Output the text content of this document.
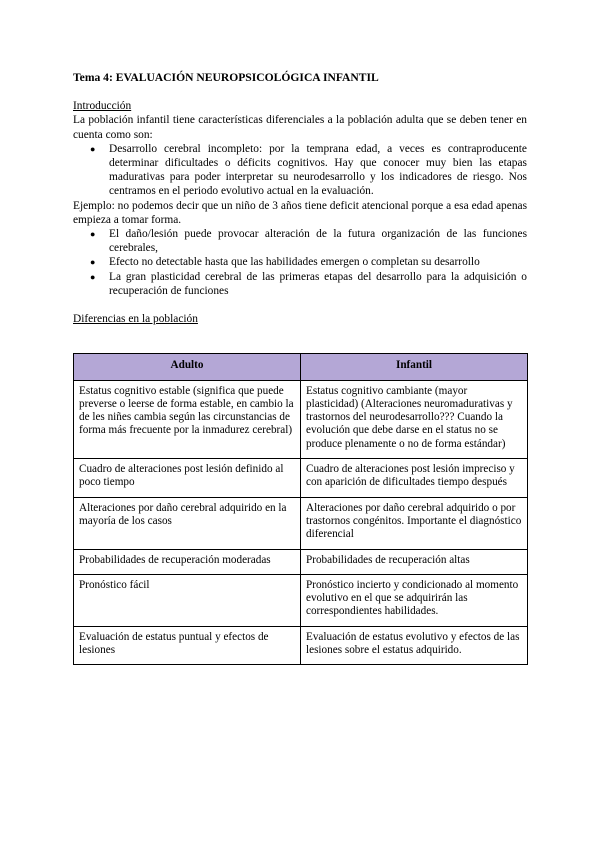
Tema 4: EVALUACIÓN NEUROPSICOLÓGICA INFANTIL

Introducción

La población infantil tiene características diferenciales a la población adulta que se deben tener en cuenta como son:

● Desarrollo cerebral incompleto: por la temprana edad, a veces es contraproducente determinar dificultades o déficits cognitivos. Hay que conocer muy bien las etapas madurativas para poder interpretar su neurodesarrollo y los indicadores de riesgo. Nos centramos en el periodo evolutivo actual en la evaluación.

Ejemplo: no podemos decir que un niño de 3 años tiene deficit atencional porque a esa edad apenas empieza a tomar forma.

● El daño/lesión puede provocar alteración de la futura organización de las funciones cerebrales,
● Efecto no detectable hasta que las habilidades emergen o completan su desarrollo
● La gran plasticidad cerebral de las primeras etapas del desarrollo para la adquisición o recuperación de funciones

Diferencias en la población

Adulto	Infantil
Estatus cognitivo estable (significa que puede preverse o leerse de forma estable, en cambio la de les niñes cambia según las circunstancias de forma más frecuente por la inmadurez cerebral)	Estatus cognitivo cambiante (mayor plasticidad) (Alteraciones neuromadurativas y trastornos del neurodesarrollo??? Cuando la evolución que debe darse en el status no se produce plenamente o no de forma estándar)
Cuadro de alteraciones post lesión definido al poco tiempo	Cuadro de alteraciones post lesión impreciso y con aparición de dificultades tiempo después
Alteraciones por daño cerebral adquirido en la mayoría de los casos	Alteraciones por daño cerebral adquirido o por trastornos congénitos. Importante el diagnóstico diferencial
Probabilidades de recuperación moderadas	Probabilidades de recuperación altas
Pronóstico fácil	Pronóstico incierto y condicionado al momento evolutivo en el que se adquirirán las correspondientes habilidades.
Evaluación de estatus puntual y efectos de lesiones	Evaluación de estatus evolutivo y efectos de las lesiones sobre el estatus adquirido.
